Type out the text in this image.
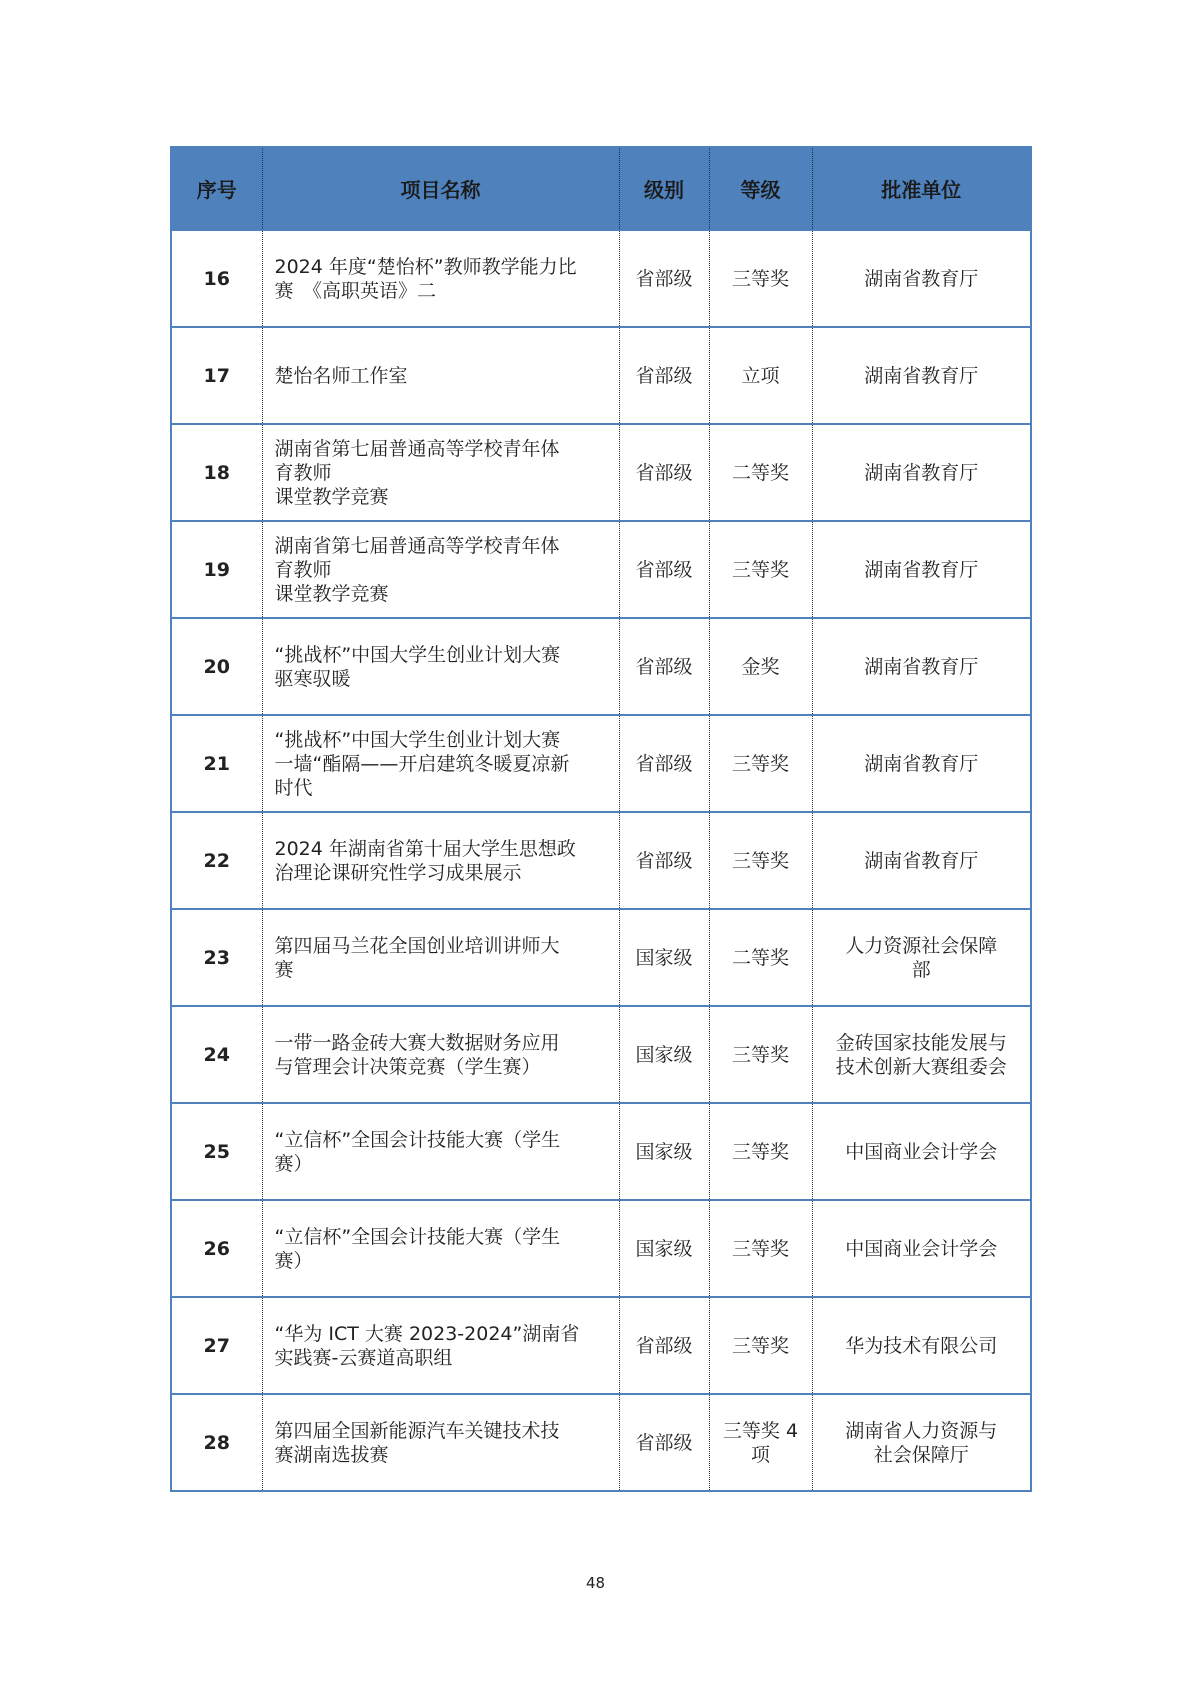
序号	项目名称	级别	等级	批准单位
16	2024 年度“楚怡杯”教师教学能力比
赛　《高职英语》二	省部级	三等奖	湖南省教育厅
17	楚怡名师工作室	省部级	立项	湖南省教育厅
18	湖南省第七届普通高等学校青年体
育教师
课堂教学竞赛	省部级	二等奖	湖南省教育厅
19	湖南省第七届普通高等学校青年体
育教师
课堂教学竞赛	省部级	三等奖	湖南省教育厅
20	“挑战杯”中国大学生创业计划大赛
驱寒驭暖	省部级	金奖	湖南省教育厅
21	“挑战杯”中国大学生创业计划大赛
一墙“酯隔——开启建筑冬暖夏凉新
时代	省部级	三等奖	湖南省教育厅
22	2024 年湖南省第十届大学生思想政
治理论课研究性学习成果展示	省部级	三等奖	湖南省教育厅
23	第四届马兰花全国创业培训讲师大
赛	国家级	二等奖	人力资源社会保障
部
24	一带一路金砖大赛大数据财务应用
与管理会计决策竞赛（学生赛）	国家级	三等奖	金砖国家技能发展与
技术创新大赛组委会
25	“立信杯”全国会计技能大赛（学生
赛）	国家级	三等奖	中国商业会计学会
26	“立信杯”全国会计技能大赛（学生
赛）	国家级	三等奖	中国商业会计学会
27	“华为 ICT 大赛 2023-2024”湖南省
实践赛-云赛道高职组	省部级	三等奖	华为技术有限公司
28	第四届全国新能源汽车关键技术技
赛湖南选拔赛	省部级	三等奖 4
项	湖南省人力资源与
社会保障厅
48
